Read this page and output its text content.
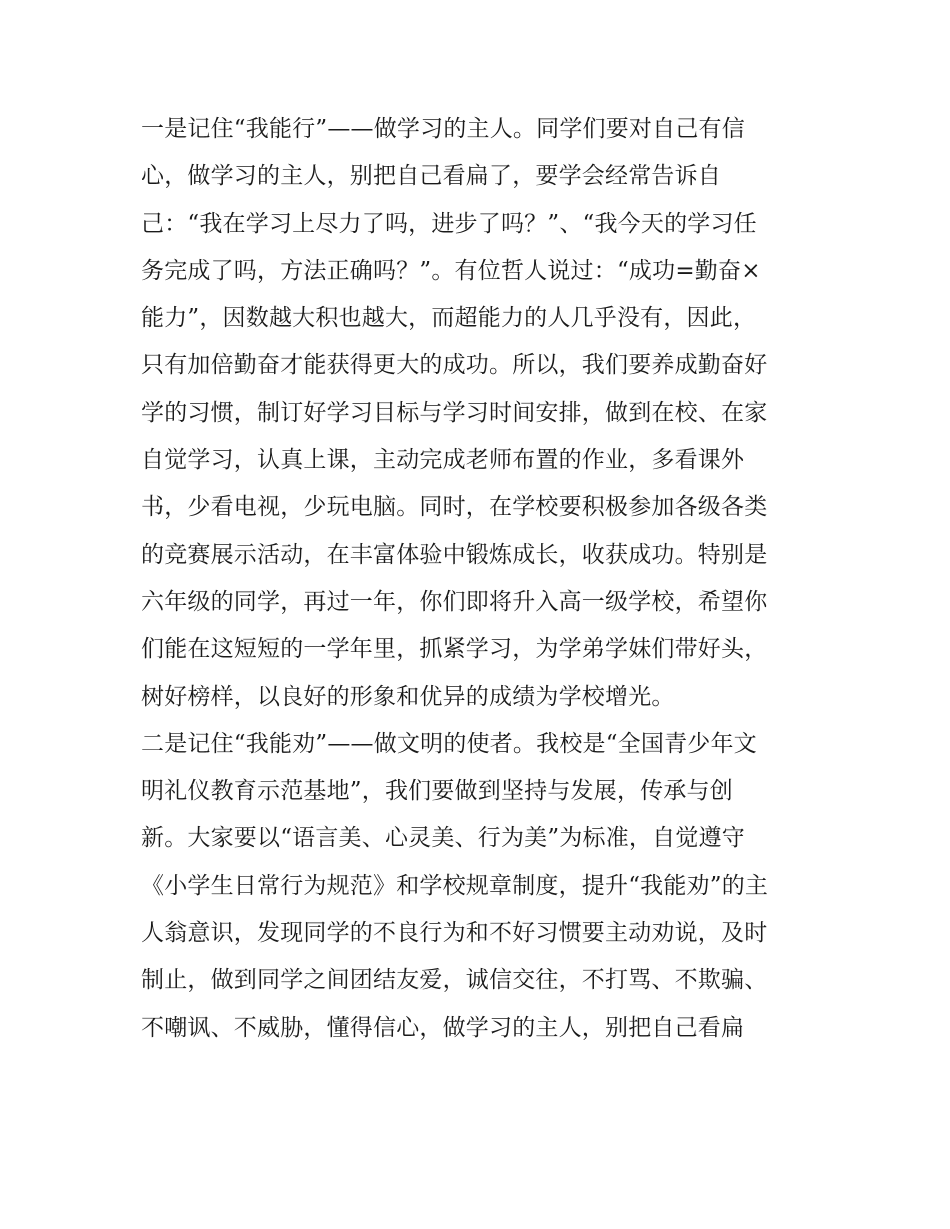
一是记住“我能行”——做学习的主人。同学们要对自己有信
心，做学习的主人，别把自己看扁了，要学会经常告诉自
己：“我在学习上尽力了吗，进步了吗？”、“我今天的学习任
务完成了吗，方法正确吗？”。有位哲人说过：“成功=勤奋×
能力”，因数越大积也越大，而超能力的人几乎没有，因此，
只有加倍勤奋才能获得更大的成功。所以，我们要养成勤奋好
学的习惯，制订好学习目标与学习时间安排，做到在校、在家
自觉学习，认真上课，主动完成老师布置的作业，多看课外
书，少看电视，少玩电脑。同时，在学校要积极参加各级各类
的竞赛展示活动，在丰富体验中锻炼成长，收获成功。特别是
六年级的同学，再过一年，你们即将升入高一级学校，希望你
们能在这短短的一学年里，抓紧学习，为学弟学妹们带好头，
树好榜样，以良好的形象和优异的成绩为学校增光。
二是记住“我能劝”——做文明的使者。我校是“全国青少年文
明礼仪教育示范基地”，我们要做到坚持与发展，传承与创
新。大家要以“语言美、心灵美、行为美”为标准，自觉遵守
《小学生日常行为规范》和学校规章制度，提升“我能劝”的主
人翁意识，发现同学的不良行为和不好习惯要主动劝说，及时
制止，做到同学之间团结友爱，诚信交往，不打骂、不欺骗、
不嘲讽、不威胁，懂得信心，做学习的主人，别把自己看扁
